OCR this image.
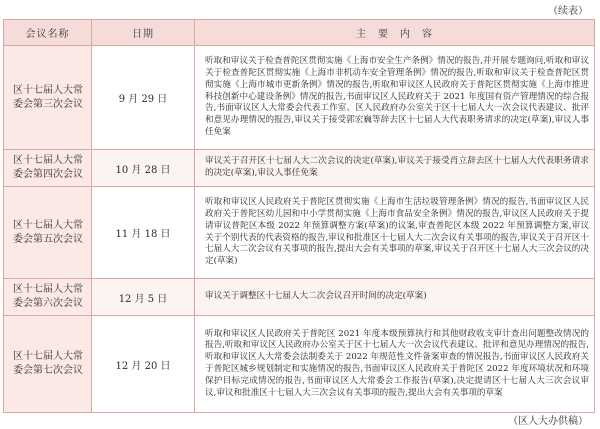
（续表）
会议名称	日期	主　要　内　容
区十七届人大常委会第三次会议	9 月 29 日	听取和审议关于检查普陀区贯彻实施《上海市安全生产条例》情况的报告,并开展专题询问,听取和审议关于检查普陀区贯彻实施《上海市非机动车安全管理条例》情况的报告,听取和审议关于检查普陀区贯彻实施《上海市城市更新条例》情况的报告,听取和审议区人民政府关于普陀区贯彻实施《上海市推进科技创新中心建设条例》情况的报告,书面审议区人民政府关于 2021 年度国有资产管理情况的综合报告,书面审议区人大常委会代表工作室、区人民政府办公室关于区十七届人大一次会议代表建议、批评和意见办理情况的报告,审议关于接受郭宏巍等辞去区十七届人大代表职务请求的决定(草案),审议人事任免案
区十七届人大常委会第四次会议	10 月 28 日	审议关于召开区十七届人大二次会议的决定(草案),审议关于接受肖立辞去区十七届人大代表职务请求的决定(草案),审议人事任免案
区十七届人大常委会第五次会议	11 月 18 日	听取和审议区人民政府关于普陀区贯彻实施《上海市生活垃圾管理条例》情况的报告,书面审议区人民政府关于普陀区幼儿园和中小学贯彻实施《上海市食品安全条例》情况的报告,审议区人民政府关于提请审议普陀区本级 2022 年预算调整方案(草案)的议案,审查普陀区本级 2022 年预算调整方案,审议关于个别代表的代表资格的报告,审议和批准区十七届人大二次会议有关事项的报告,审议关于召开区十七届人大二次会议有关事项的报告,提出大会有关事项的草案,审议关于召开区十七届人大三次会议的决定(草案)
区十七届人大常委会第六次会议	12 月 5 日	审议关于调整区十七届人大二次会议召开时间的决定(草案)
区十七届人大常委会第七次会议	12 月 20 日	听取和审议区人民政府关于普陀区 2021 年度本级预算执行和其他财政收支审计查出问题整改情况的报告,听取和审议区人民政府办公室关于区十七届人大一次会议代表建议、批评和意见办理情况的报告,听取和审议区人大常委会法制委关于 2022 年规范性文件备案审查的情况报告,书面审议区人民政府关于普陀区城乡规划制定和实施情况的报告,书面审议区人民政府关于普陀区 2022 年度环境状况和环境保护目标完成情况的报告,书面审议区人大常委会工作报告(草案),决定提请区十七届人大三次会议审议,审议和批准区十七届人大三次会议有关事项的报告,提出大会有关事项的草案
（区人大办供稿）
